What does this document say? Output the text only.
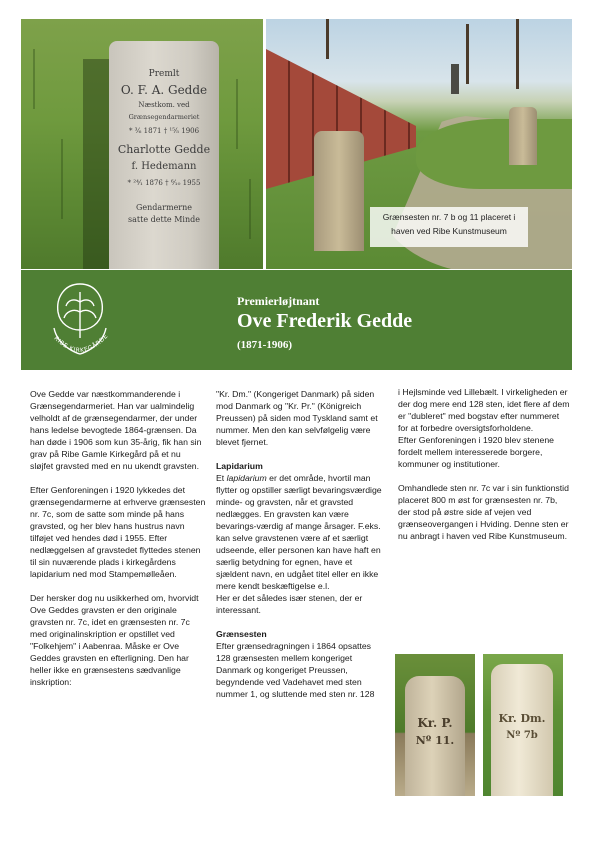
Premlt
O. F. A. Gedde
Næstkom. ved
Grænsegendarmeriet
* ³⁄₆ 1871 † ¹⁵⁄₅ 1906
Charlotte Gedde
f. Hedemann
* ²⁴⁄₁ 1876 † ⁶⁄₁₀ 1955
Gendarmerne
satte dette Minde	Grænsesten nr. 7 b og 11 placeret i
haven ved Ribe Kunstmuseum
RIBE KIRKEGÅRDE
Premierløjtnant
Ove Frederik Gedde
(1871-1906)

Ove Gedde var næstkommanderende i Grænsegendarmeriet. Han var ualmindelig velholdt af de grænsegendarmer, der under hans ledelse bevogtede 1864-grænsen. Da han døde i 1906 som kun 35-årig, fik han sin grav på Ribe Gamle Kirkegård på et nu sløjfet gravsted med en nu ukendt gravsten.

Efter Genforeningen i 1920 lykkedes det grænsegendarmerne at erhverve grænsesten nr. 7c, som de satte som minde på hans gravsted, og her blev hans hustrus navn tilføjet ved hendes død i 1955. Efter nedlæggelsen af gravstedet flyttedes stenen til sin nuværende plads i kirkegårdens lapidarium ned mod Stampemølleåen.

Der hersker dog nu usikkerhed om, hvorvidt Ove Geddes gravsten er den originale gravsten nr. 7c, idet en grænsesten nr. 7c med originalinskription er opstillet ved "Folkehjem" i Aabenraa. Måske er Ove Geddes gravsten en efterligning. Den har heller ikke en grænsestens sædvanlige inskription:

"Kr. Dm." (Kongeriget Danmark) på siden mod Danmark og "Kr. Pr." (Königreich Preussen) på siden mod Tyskland samt et nummer. Men den kan selvfølgelig være blevet fjernet.

Lapidarium

Et lapidarium er det område, hvortil man flytter og opstiller særligt bevaringsværdige minde- og gravsten, når et gravsted nedlægges. En gravsten kan være bevarings-værdig af mange årsager. F.eks. kan selve gravstenen være af et særligt udseende, eller personen kan have haft en særlig betydning for egnen, have et sjældent navn, en udgået titel eller en ikke mere kendt beskæftigelse e.l.

Her er det således især stenen, der er interessant.

Grænsesten

Efter grænsedragningen i 1864 opsattes 128 grænsesten mellem kongeriget Danmark og kongeriget Preussen, begyndende ved Vadehavet med sten nummer 1, og sluttende med sten nr. 128

i Hejlsminde ved Lillebælt. I virkeligheden er der dog mere end 128 sten, idet flere af dem er "dubleret" med bogstav efter nummeret for at forbedre oversigtsforholdene.

Efter Genforeningen i 1920 blev stenene fordelt mellem interesserede borgere, kommuner og institutioner.

Omhandlede sten nr. 7c var i sin funktionstid placeret 800 m øst for grænsesten nr. 7b, der stod på østre side af vejen ved grænseovergangen i Hviding. Denne sten er nu anbragt i haven ved Ribe Kunstmuseum.

Kr. P.
Nº 11.
Kr. Dm.
Nº 7b
